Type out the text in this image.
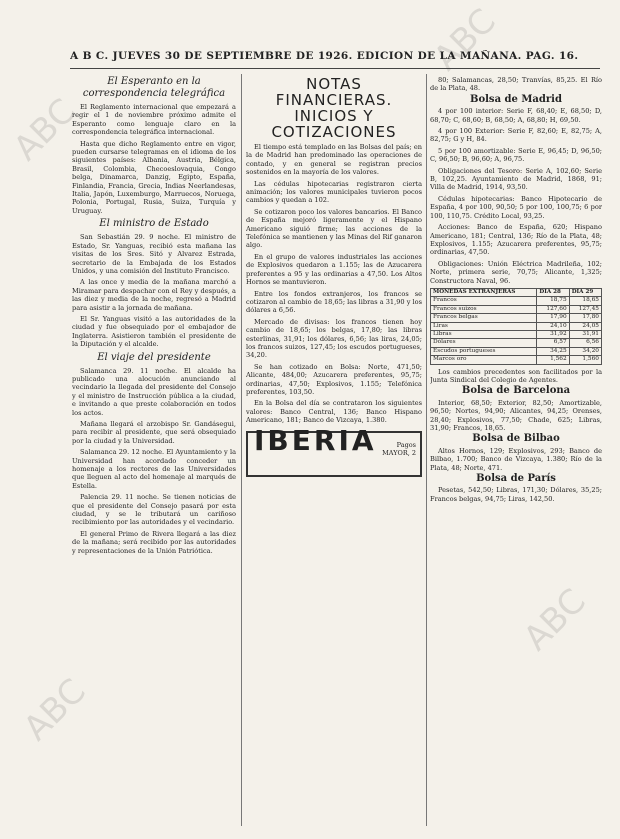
ABC
ABC
ABC
ABC
A B C. JUEVES 30 DE SEPTIEMBRE DE 1926. EDICION DE LA MAÑANA. PAG. 16.

El Esperanto en la correspondencia telegráfica

El Reglamento internacional que empezará a regir el 1 de noviembre próximo admite el Esperanto como lenguaje claro en la correspondencia telegráfica internacional.

Hasta que dicho Reglamento entre en vigor, pueden cursarse telegramas en el idioma de los siguientes países: Albania, Austria, Bélgica, Brasil, Colombia, Checoeslovaquia, Congo belga, Dinamarca, Danzig, Egipto, España, Finlandia, Francia, Grecia, Indias Neerlandesas, Italia, Japón, Luxemburgo, Marruecos, Noruega, Polonia, Portugal, Rusia, Suiza, Turquía y Uruguay.

El ministro de Estado

San Sebastián 29. 9 noche. El ministro de Estado, Sr. Yanguas, recibió esta mañana las visitas de los Sres. Sitó y Alvarez Estrada, secretario de la Embajada de los Estados Unidos, y una comisión del Instituto Francisco.

A las once y media de la mañana marchó a Miramar para despachar con el Rey y después, a las diez y media de la noche, regresó a Madrid para asistir a la jornada de mañana.

El Sr. Yanguas visitó a las autoridades de la ciudad y fue obsequiado por el embajador de Inglaterra. Asistieron también el presidente de la Diputación y el alcalde.

El viaje del presidente

Salamanca 29. 11 noche. El alcalde ha publicado una alocución anunciando al vecindario la llegada del presidente del Consejo y el ministro de Instrucción pública a la ciudad, e invitando a que preste colaboración en todos los actos.

Mañana llegará el arzobispo Sr. Gandásegui, para recibir al presidente, que será obsequiado por la ciudad y la Universidad.

Salamanca 29. 12 noche. El Ayuntamiento y la Universidad han acordado conceder un homenaje a los rectores de las Universidades que lleguen al acto del homenaje al marqués de Estella.

Palencia 29. 11 noche. Se tienen noticias de que el presidente del Consejo pasará por esta ciudad, y se le tributará un cariñoso recibimiento por las autoridades y el vecindario.

El general Primo de Rivera llegará a las diez de la mañana; será recibido por las autoridades y representaciones de la Unión Patriótica.

NOTAS FINANCIERAS. INICIOS Y COTIZACIONES

El tiempo está templado en las Bolsas del país; en la de Madrid han predominado las operaciones de contado, y en general se registran precios sostenidos en la mayoría de los valores.

Las cédulas hipotecarias registraron cierta animación; los valores municipales tuvieron pocos cambios y quedan a 102.

Se cotizaron poco los valores bancarios. El Banco de España mejoró ligeramente y el Hispano Americano siguió firme; las acciones de la Telefónica se mantienen y las Minas del Rif ganaron algo.

En el grupo de valores industriales las acciones de Explosivos quedaron a 1.155; las de Azucarera preferentes a 95 y las ordinarias a 47,50. Los Altos Hornos se mantuvieron.

Entre los fondos extranjeros, los francos se cotizaron al cambio de 18,65; las libras a 31,90 y los dólares a 6,56.

Mercado de divisas: los francos tienen hoy cambio de 18,65; los belgas, 17,80; las libras esterlinas, 31,91; los dólares, 6,56; las liras, 24,05; los francos suizos, 127,45; los escudos portugueses, 34,20.

Se han cotizado en Bolsa: Norte, 471,50; Alicante, 484,00; Azucarera preferentes, 95,75; ordinarias, 47,50; Explosivos, 1.155; Telefónica preferentes, 103,50.

En la Bolsa del día se contrataron los siguientes valores: Banco Central, 136; Banco Hispano Americano, 181; Banco de Vizcaya, 1.380.

IBERIA	Pagos
MAYOR, 2

80; Salamancas, 28,50; Tranvías, 85,25. El Río de la Plata, 48.

Bolsa de Madrid

4 por 100 interior: Serie F, 68,40; E, 68,50; D, 68,70; C, 68,60; B, 68,50; A, 68,80; H, 69,50.

4 por 100 Exterior: Serie F, 82,60; E, 82,75; A, 82,75; G y H, 84.

5 por 100 amortizable: Serie E, 96,45; D, 96,50; C, 96,50; B, 96,60; A, 96,75.

Obligaciones del Tesoro: Serie A, 102,60; Serie B, 102,25. Ayuntamiento de Madrid, 1868, 91; Villa de Madrid, 1914, 93,50.

Cédulas hipotecarias: Banco Hipotecario de España, 4 por 100, 90,50; 5 por 100, 100,75; 6 por 100, 110,75. Crédito Local, 93,25.

Acciones: Banco de España, 620; Hispano Americano, 181; Central, 136; Río de la Plata, 48; Explosivos, 1.155; Azucarera preferentes, 95,75; ordinarias, 47,50.

Obligaciones: Unión Eléctrica Madrileña, 102; Norte, primera serie, 70,75; Alicante, 1,325; Constructora Naval, 96.

MONEDAS EXTRANJERAS	DIA 28	DIA 29
Francos	18,75	18,65
Francos suizos	127,60	127,45
Francos belgas	17,90	17,80
Liras	24,10	24,05
Libras	31,92	31,91
Dólares	6,57	6,56
Escudos portugueses	34,25	34,20
Marcos oro	1,562	1,560

Los cambios precedentes son facilitados por la Junta Sindical del Colegio de Agentes.

Bolsa de Barcelona

Interior, 68,50; Exterior, 82,50; Amortizable, 96,50; Nortes, 94,90; Alicantes, 94,25; Orenses, 28,40; Explosivos, 77,50; Chade, 625; Libras, 31,90; Francos, 18,65.

Bolsa de Bilbao

Altos Hornos, 129; Explosivos, 293; Banco de Bilbao, 1.700; Banco de Vizcaya, 1.380; Río de la Plata, 48; Norte, 471.

Bolsa de París

Pesetas, 542,50; Libras, 171,30; Dólares, 35,25; Francos belgas, 94,75; Liras, 142,50.
